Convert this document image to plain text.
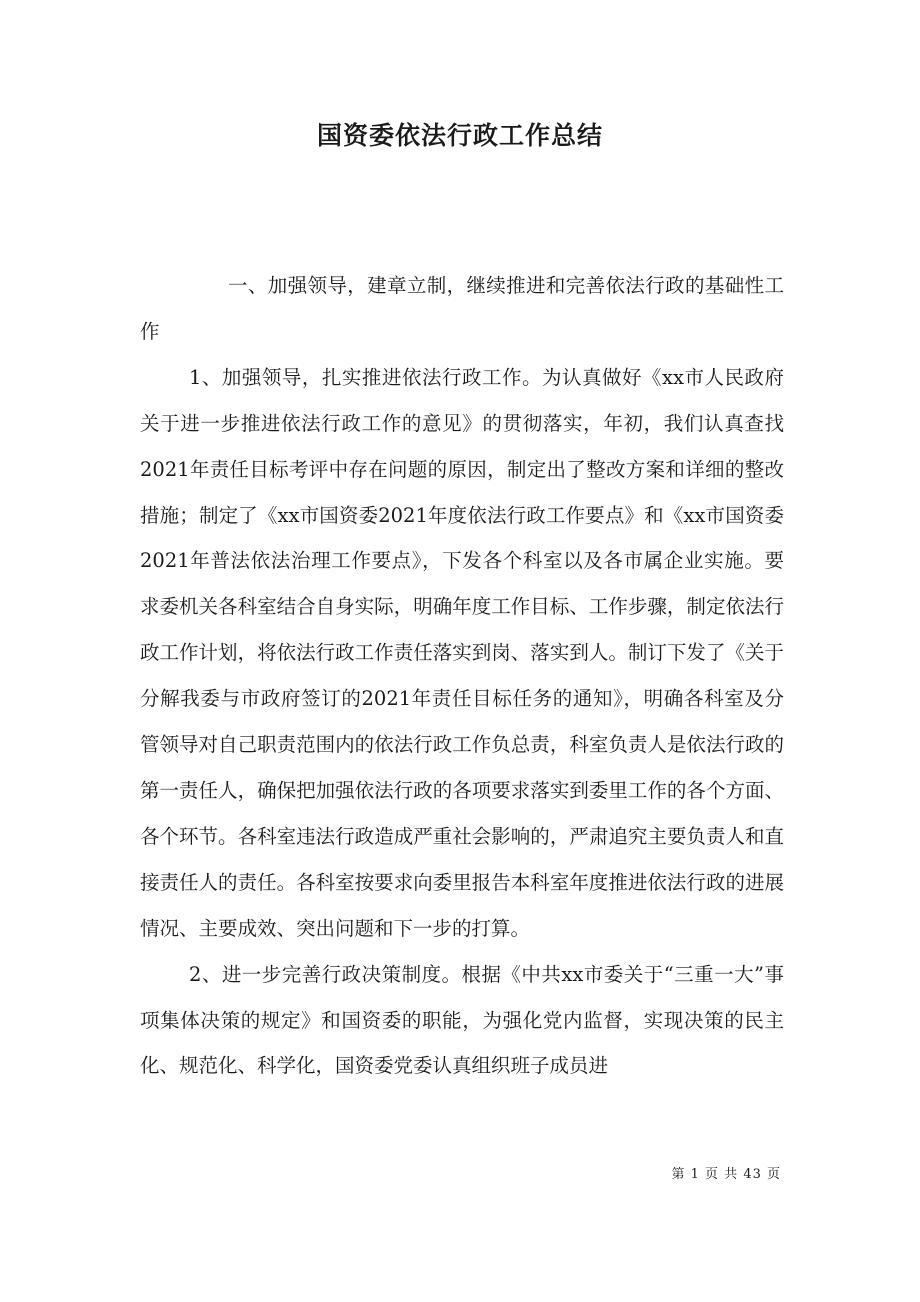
国资委依法行政工作总结

一、加强领导，建章立制，继续推进和完善依法行政的基础性工作

1、加强领导，扎实推进依法行政工作。为认真做好《xx市人民政府关于进一步推进依法行政工作的意见》的贯彻落实，年初，我们认真查找2021年责任目标考评中存在问题的原因，制定出了整改方案和详细的整改措施；制定了《xx市国资委2021年度依法行政工作要点》和《xx市国资委2021年普法依法治理工作要点》，下发各个科室以及各市属企业实施。要求委机关各科室结合自身实际，明确年度工作目标、工作步骤，制定依法行政工作计划，将依法行政工作责任落实到岗、落实到人。制订下发了《关于分解我委与市政府签订的2021年责任目标任务的通知》，明确各科室及分管领导对自己职责范围内的依法行政工作负总责，科室负责人是依法行政的第一责任人，确保把加强依法行政的各项要求落实到委里工作的各个方面、各个环节。各科室违法行政造成严重社会影响的，严肃追究主要负责人和直接责任人的责任。各科室按要求向委里报告本科室年度推进依法行政的进展情况、主要成效、突出问题和下一步的打算。

2、进一步完善行政决策制度。根据《中共xx市委关于“三重一大”事项集体决策的规定》和国资委的职能，为强化党内监督，实现决策的民主化、规范化、科学化，国资委党委认真组织班子成员进

第 1 页 共 43 页
